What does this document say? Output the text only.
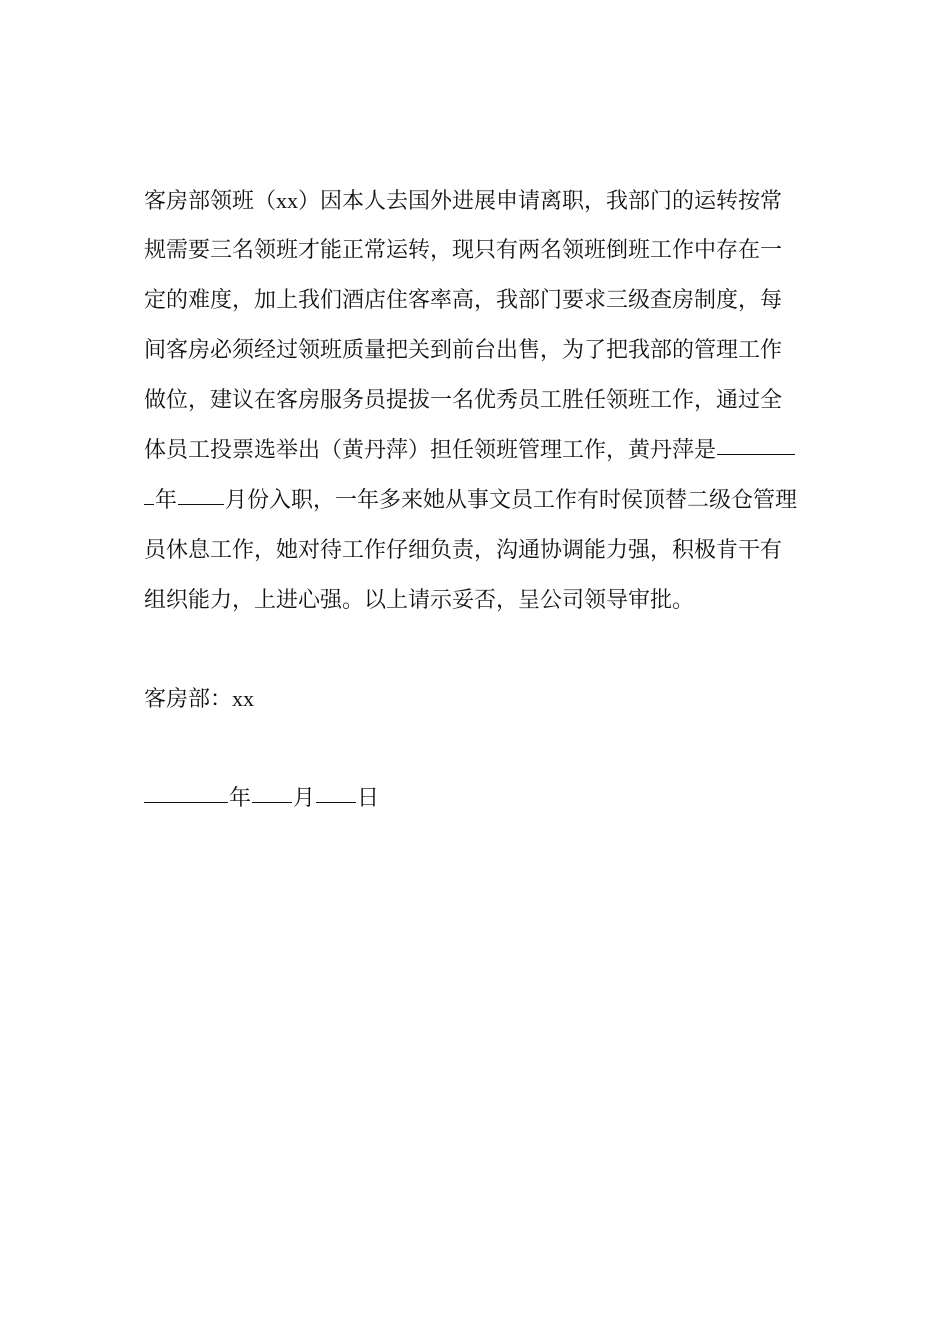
客房部领班（xx）因本人去国外进展申请离职，我部门的运转按常
规需要三名领班才能正常运转，现只有两名领班倒班工作中存在一
定的难度，加上我们酒店住客率高，我部门要求三级查房制度，每
间客房必须经过领班质量把关到前台出售，为了把我部的管理工作
做位，建议在客房服务员提拔一名优秀员工胜任领班工作，通过全
体员工投票选举出（黄丹萍）担任领班管理工作，黄丹萍是
年 月份入职，一年多来她从事文员工作有时侯顶替二级仓管理
员休息工作，她对待工作仔细负责，沟通协调能力强，积极肯干有
组织能力，上进心强。以上请示妥否，呈公司领导审批。
客房部：xx
年 月 日
